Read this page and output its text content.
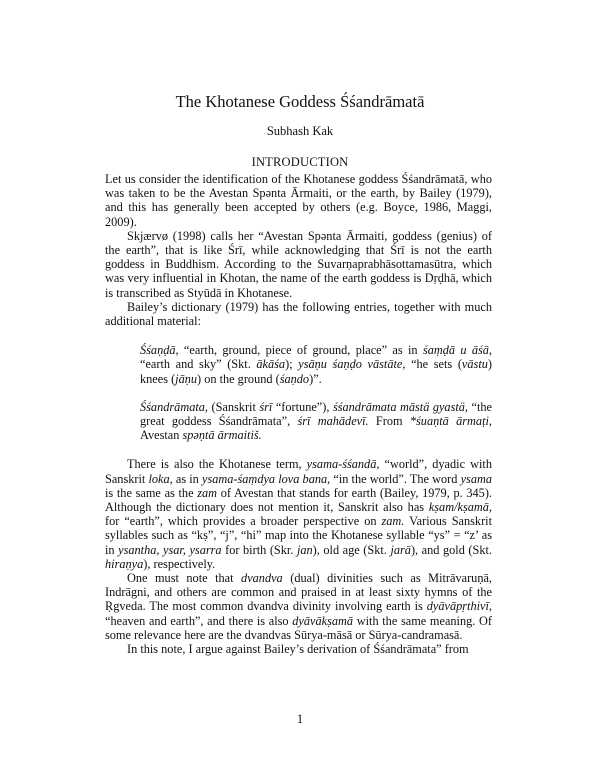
The Khotanese Goddess Śśandrāmatā
Subhash Kak
INTRODUCTION

Let us consider the identification of the Khotanese goddess Śśandrāmatā, who was taken to be the Avestan Spənta Ārmaiti, or the earth, by Bailey (1979), and this has generally been accepted by others (e.g. Boyce, 1986, Maggi, 2009).

Skjærvø (1998) calls her “Avestan Spənta Ārmaiti, goddess (genius) of the earth”, that is like Śrī, while acknowledging that Śrī is not the earth goddess in Buddhism. According to the Suvarṇaprabhāsottamasūtra, which was very influential in Khotan, the name of the earth goddess is Dṛḍhā, which is transcribed as Styūdā in Khotanese.

Bailey’s dictionary (1979) has the following entries, together with much additional material:

Śśaṇḍā, “earth, ground, piece of ground, place” as in śaṃḍā u āśā, “earth and sky” (Skt. ākāśa); ysāṇu śaṇḍo vāstāte, “he sets (vāstu) knees (jāṇu) on the ground (śaṇdo)”.

Śśandrāmata, (Sanskrit śrī “fortune”), śśandrāmata māstä gyastä, “the great goddess Śśandrāmata”, śrī mahādevī. From *śuaṇtā ārmaṭi, Avestan spəṇtā ārmaitiš.

There is also the Khotanese term, ysama-śśandā, “world”, dyadic with Sanskrit loka, as in ysama-śaṃdya lova bana, “in the world”. The word ysama is the same as the zam of Avestan that stands for earth (Bailey, 1979, p. 345). Although the dictionary does not mention it, Sanskrit also has kṣam/kṣamā, for “earth”, which provides a broader perspective on zam. Various Sanskrit syllables such as “kṣ”, “j”, “hi” map into the Khotanese syllable “ys” = “z’ as in ysantha, ysar, ysarra for birth (Skr. jan), old age (Skt. jarā), and gold (Skt. hiraṇya), respectively.

One must note that dvandva (dual) divinities such as Mitrāvaruṇā, Indrāgni, and others are common and praised in at least sixty hymns of the Ṛgveda. The most common dvandva divinity involving earth is dyāvāpṛthivī, “heaven and earth”, and there is also dyāvākṣamā with the same meaning. Of some relevance here are the dvandvas Sūrya-māsā or Sūrya-candramasā.

In this note, I argue against Bailey’s derivation of Śśandrāmata” from

1
